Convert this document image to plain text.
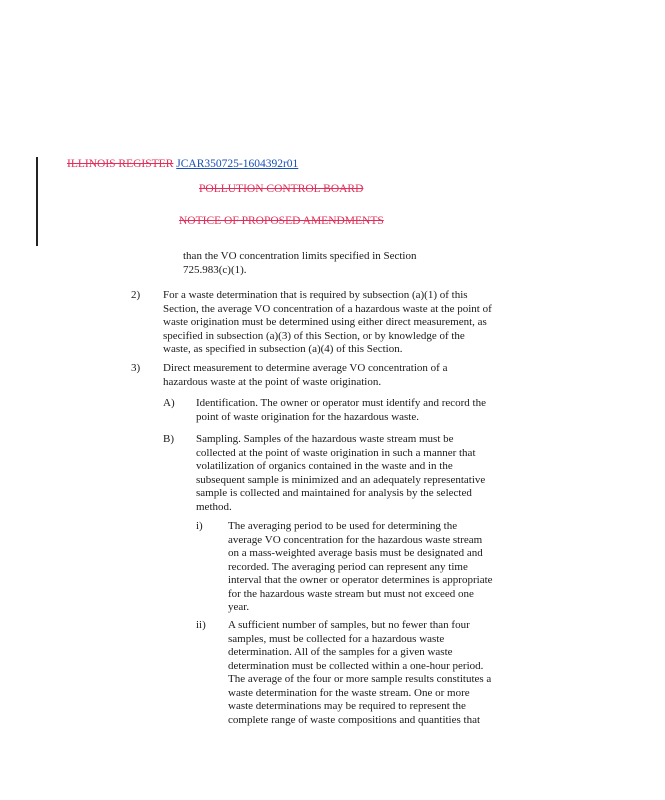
ILLINOIS REGISTER JCAR350725-1604392r01
POLLUTION CONTROL BOARD
NOTICE OF PROPOSED AMENDMENTS
than the VO concentration limits specified in Section
725.983(c)(1).
2) For a waste determination that is required by subsection (a)(1) of this
Section, the average VO concentration of a hazardous waste at the point of
waste origination must be determined using either direct measurement, as
specified in subsection (a)(3) of this Section, or by knowledge of the
waste, as specified in subsection (a)(4) of this Section.
3) Direct measurement to determine average VO concentration of a
hazardous waste at the point of waste origination.
A) Identification. The owner or operator must identify and record the
point of waste origination for the hazardous waste.
B) Sampling. Samples of the hazardous waste stream must be
collected at the point of waste origination in such a manner that
volatilization of organics contained in the waste and in the
subsequent sample is minimized and an adequately representative
sample is collected and maintained for analysis by the selected
method.
i) The averaging period to be used for determining the
average VO concentration for the hazardous waste stream
on a mass-weighted average basis must be designated and
recorded. The averaging period can represent any time
interval that the owner or operator determines is appropriate
for the hazardous waste stream but must not exceed one
year.
ii) A sufficient number of samples, but no fewer than four
samples, must be collected for a hazardous waste
determination. All of the samples for a given waste
determination must be collected within a one-hour period.
The average of the four or more sample results constitutes a
waste determination for the waste stream. One or more
waste determinations may be required to represent the
complete range of waste compositions and quantities that
